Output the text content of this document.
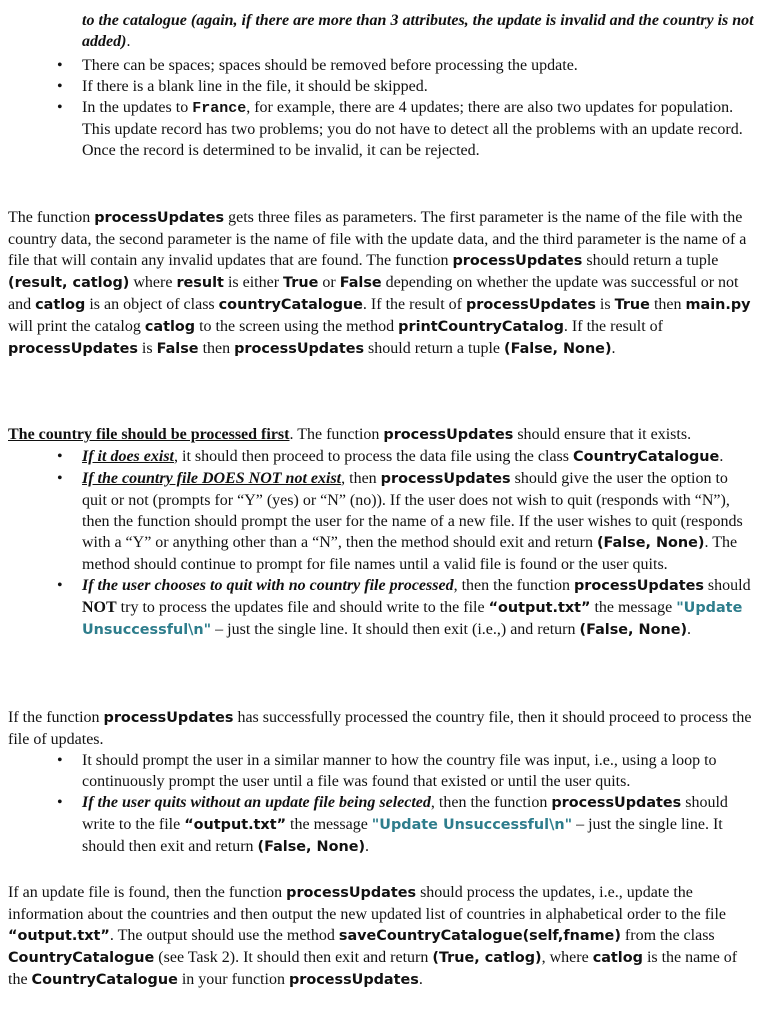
to the catalogue (again, if there are more than 3 attributes, the update is invalid and the country is not added).

• There can be spaces; spaces should be removed before processing the update.
• If there is a blank line in the file, it should be skipped.
• In the updates to France, for example, there are 4 updates; there are also two updates for population. This update record has two problems; you do not have to detect all the problems with an update record. Once the record is determined to be invalid, it can be rejected.

The function processUpdates gets three files as parameters. The first parameter is the name of the file with the country data, the second parameter is the name of file with the update data, and the third parameter is the name of a file that will contain any invalid updates that are found. The function processUpdates should return a tuple (result, catlog) where result is either True or False depending on whether the update was successful or not and catlog is an object of class countryCatalogue. If the result of processUpdates is True then main.py will print the catalog catlog to the screen using the method printCountryCatalog. If the result of processUpdates is False then processUpdates should return a tuple (False, None).

The country file should be processed first. The function processUpdates should ensure that it exists.

• If it does exist, it should then proceed to process the data file using the class CountryCatalogue.
• If the country file DOES NOT not exist, then processUpdates should give the user the option to quit or not (prompts for “Y” (yes) or “N” (no)). If the user does not wish to quit (responds with “N”), then the function should prompt the user for the name of a new file. If the user wishes to quit (responds with a “Y” or anything other than a “N”, then the method should exit and return (False, None). The method should continue to prompt for file names until a valid file is found or the user quits.
• If the user chooses to quit with no country file processed, then the function processUpdates should NOT try to process the updates file and should write to the file “output.txt” the message "Update Unsuccessful\n" – just the single line. It should then exit (i.e.,) and return (False, None).

If the function processUpdates has successfully processed the country file, then it should proceed to process the file of updates.

• It should prompt the user in a similar manner to how the country file was input, i.e., using a loop to continuously prompt the user until a file was found that existed or until the user quits.
• If the user quits without an update file being selected, then the function processUpdates should write to the file “output.txt” the message "Update Unsuccessful\n" – just the single line. It should then exit and return (False, None).

If an update file is found, then the function processUpdates should process the updates, i.e., update the information about the countries and then output the new updated list of countries in alphabetical order to the file “output.txt”. The output should use the method saveCountryCatalogue(self,fname) from the class CountryCatalogue (see Task 2). It should then exit and return (True, catlog), where catlog is the name of the CountryCatalogue in your function processUpdates.
